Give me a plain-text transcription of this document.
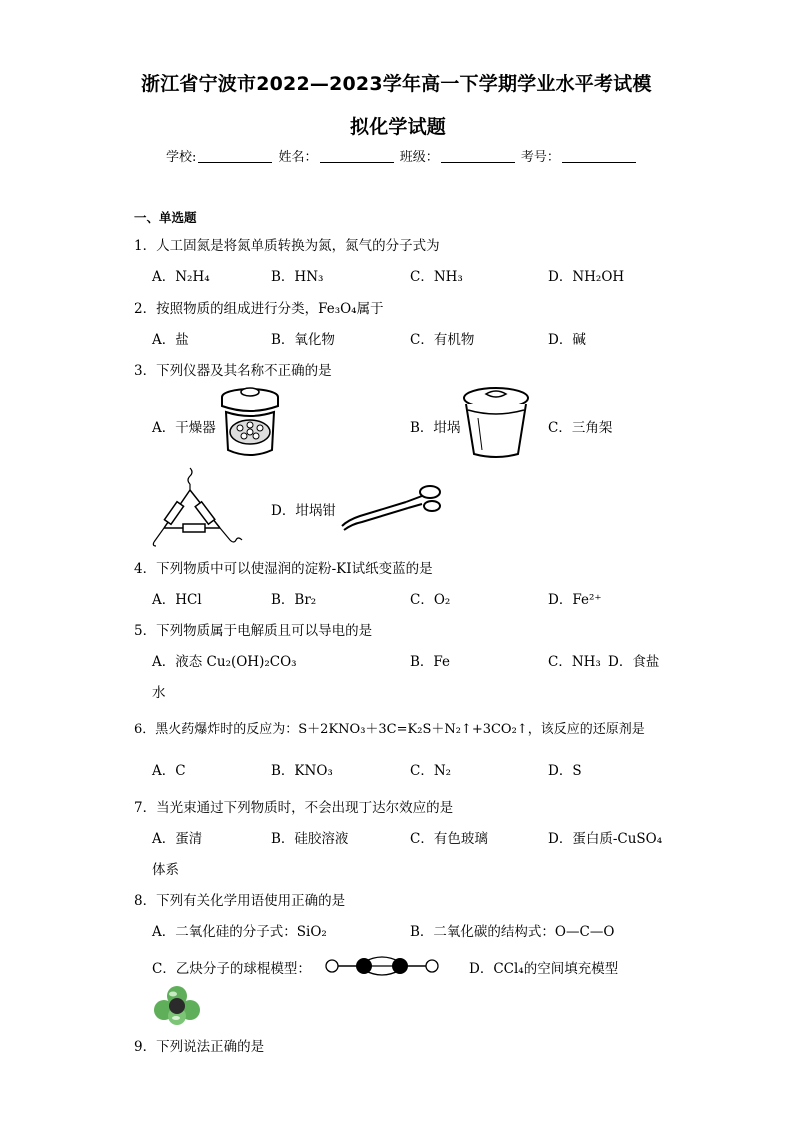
浙江省宁波市2022—2023学年高一下学期学业水平考试模
拟化学试题
学校:	姓名：	班级：	考号：
一、单选题
1．人工固氮是将氮单质转换为氮，氮气的分子式为
A．N₂H₄	B．HN₃	C．NH₃	D．NH₂OH
2．按照物质的组成进行分类，Fe₃O₄属于
A．盐	B．氧化物	C．有机物	D．碱
3．下列仪器及其名称不正确的是
A．干燥器	B．坩埚	C．三角架
D．坩埚钳
4．下列物质中可以使湿润的淀粉-KI试纸变蓝的是
A．HCl	B．Br₂	C．O₂	D．Fe²⁺
5．下列物质属于电解质且可以导电的是
A．液态 Cu₂(OH)₂CO₃	B．Fe	C．NH₃ D．食盐
水
6．黑火药爆炸时的反应为：S＋2KNO₃＋3C=K₂S＋N₂↑+3CO₂↑，该反应的还原剂是
A．C	B．KNO₃	C．N₂	D．S
7．当光束通过下列物质时，不会出现丁达尔效应的是
A．蛋清	B．硅胶溶液	C．有色玻璃	D．蛋白质-CuSO₄
体系
8．下列有关化学用语使用正确的是
A．二氧化硅的分子式：SiO₂	B．二氧化碳的结构式：O—C—O
C．乙炔分子的球棍模型：	D．CCl₄的空间填充模型
9．下列说法正确的是
